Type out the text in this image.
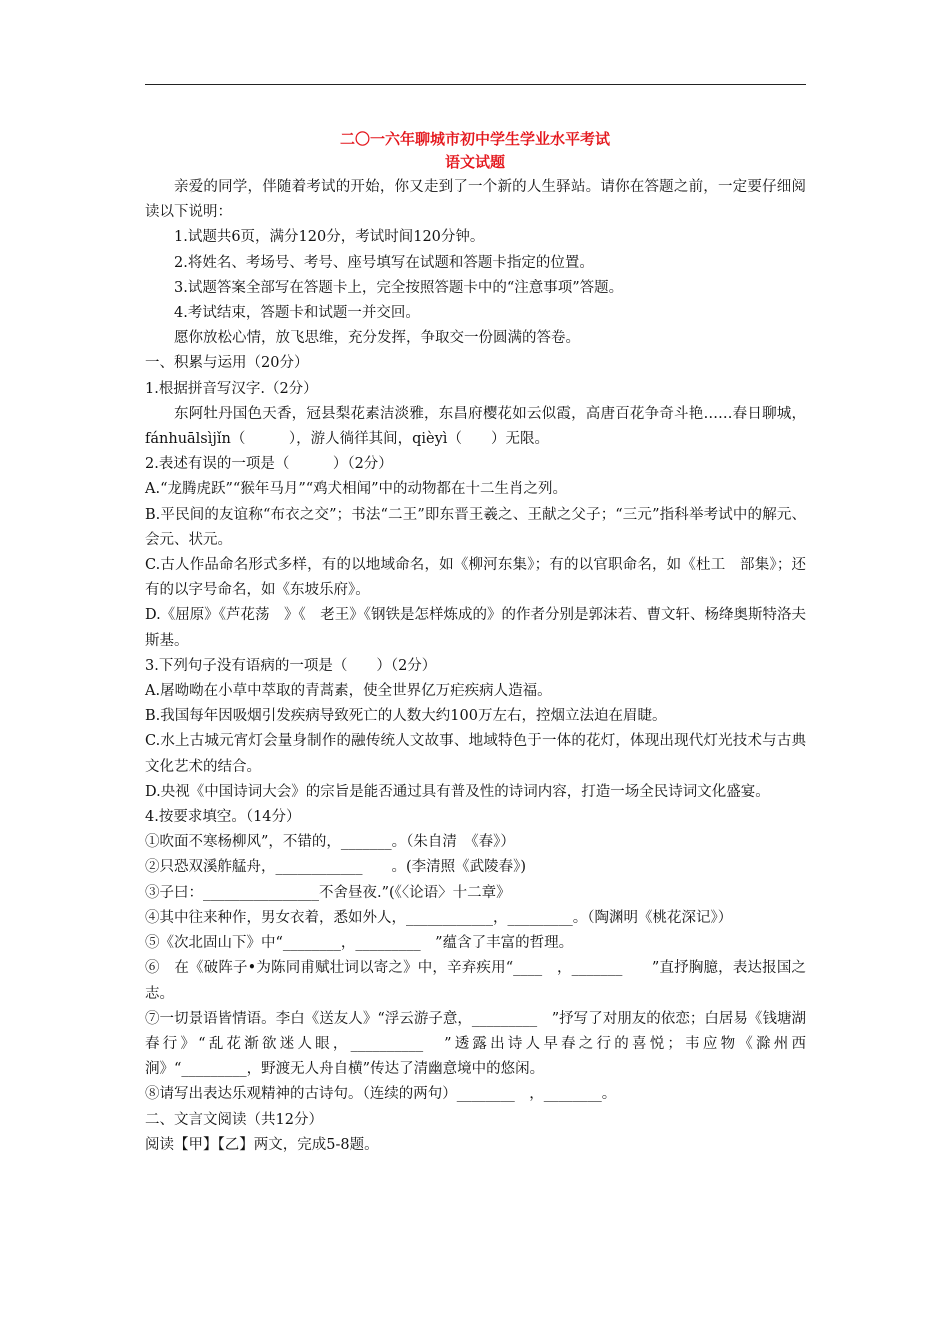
二〇一六年聊城市初中学生学业水平考试
语文试题

亲爱的同学，伴随着考试的开始，你又走到了一个新的人生驿站。请你在答题之前，一定要仔细阅读以下说明：

1.试题共6页，满分120分，考试时间120分钟。

2.将姓名、考场号、考号、座号填写在试题和答题卡指定的位置。

3.试题答案全部写在答题卡上，完全按照答题卡中的“注意事项”答题。

4.考试结束，答题卡和试题一并交回。

愿你放松心情，放飞思维，充分发挥，争取交一份圆满的答卷。

一、积累与运用（20分）

1.根据拼音写汉字.（2分）

东阿牡丹国色天香，冠县梨花素洁淡雅，东昌府樱花如云似霞，高唐百花争奇斗艳……春日聊城，fánhuālsìjǐn（　　　），游人徜徉其间，qièyì（　　）无限。

2.表述有误的一项是（　　　）（2分）

A.“龙腾虎跃”“猴年马月”“鸡犬相闻”中的动物都在十二生肖之列。

B.平民间的友谊称“布衣之交”；书法“二王”即东晋王羲之、王献之父子；“三元”指科举考试中的解元、会元、状元。

C.古人作品命名形式多样，有的以地域命名，如《柳河东集》；有的以官职命名，如《杜工　部集》；还有的以字号命名，如《东坡乐府》。

D.《屈原》《芦花荡　》《　老王》《钢铁是怎样炼成的》的作者分别是郭沫若、曹文轩、杨绛奥斯特洛夫斯基。

3.下列句子没有语病的一项是（　　）（2分）

A.屠呦呦在小草中萃取的青蒿素，使全世界亿万疟疾病人造福。

B.我国每年因吸烟引发疾病导致死亡的人数大约100万左右，控烟立法迫在眉睫。

C.水上古城元宵灯会量身制作的融传统人文故事、地域特色于一体的花灯，体现出现代灯光技术与古典文化艺术的结合。

D.央视《中国诗词大会》的宗旨是能否通过具有普及性的诗词内容，打造一场全民诗词文化盛宴。

4.按要求填空。（14分）

①吹面不寒杨柳风”，不错的，_______。（朱自清　《春》）

②只恐双溪舴艋舟，____________　　。(李清照《武陵春》)

③子曰：________________不舍昼夜.”(《〈论语〉十二章》

④其中往来种作，男女衣着，悉如外人，____________，_________。（陶渊明《桃花深记》）

⑤《次北固山下》中“________，_________　”蕴含了丰富的哲理。

⑥　在《破阵子•为陈同甫赋壮词以寄之》中，辛弃疾用“____　，_______　　”直抒胸臆，表达报国之志。

⑦一切景语皆情语。李白《送友人》“浮云游子意，_________　”抒写了对朋友的依恋；白居易《钱塘湖春行》“乱花渐欲迷人眼，__________　”透露出诗人早春之行的喜悦；韦应物《滁州西涧》“_________，野渡无人舟自横”传达了清幽意境中的悠闲。

⑧请写出表达乐观精神的古诗句。（连续的两句）________　，________。

二、文言文阅读（共12分）

阅读【甲】【乙】两文，完成5-8题。
